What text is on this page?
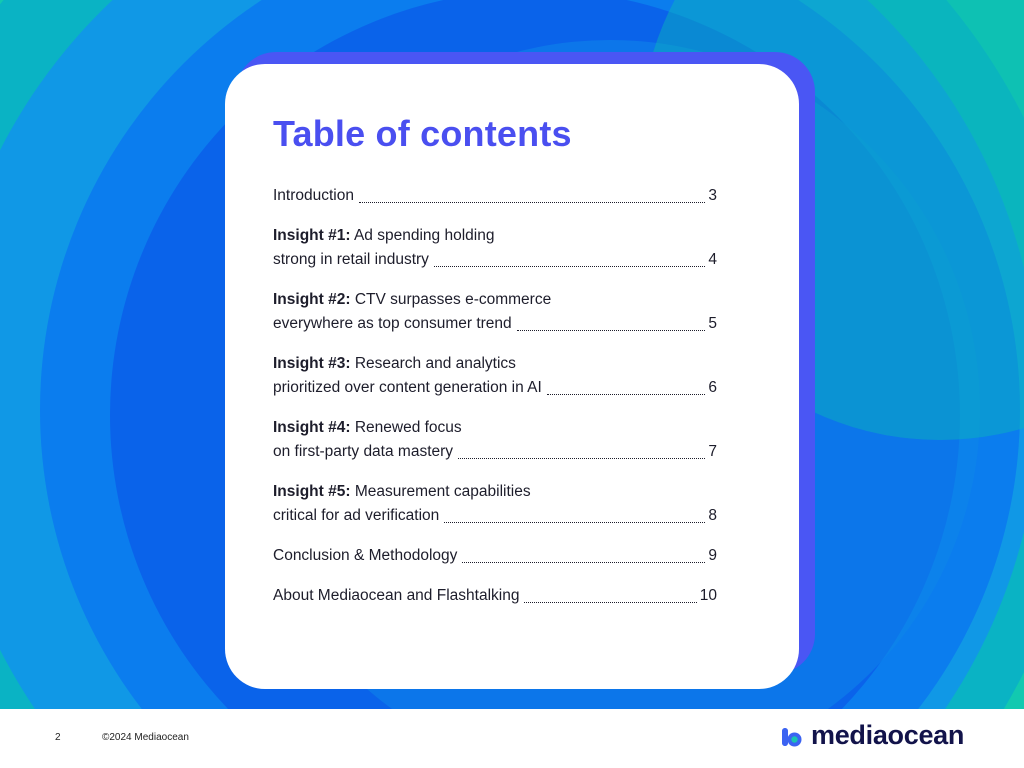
Table of contents
Introduction	3
Insight #1: Ad spending holding
strong in retail industry	4
Insight #2: CTV surpasses e-commerce
everywhere as top consumer trend	5
Insight #3: Research and analytics
prioritized over content generation in AI	6
Insight #4: Renewed focus
on first-party data mastery	7
Insight #5: Measurement capabilities
critical for ad verification	8
Conclusion & Methodology	9
About Mediaocean and Flashtalking	10
2	©2024 Mediaocean	mediaocean
